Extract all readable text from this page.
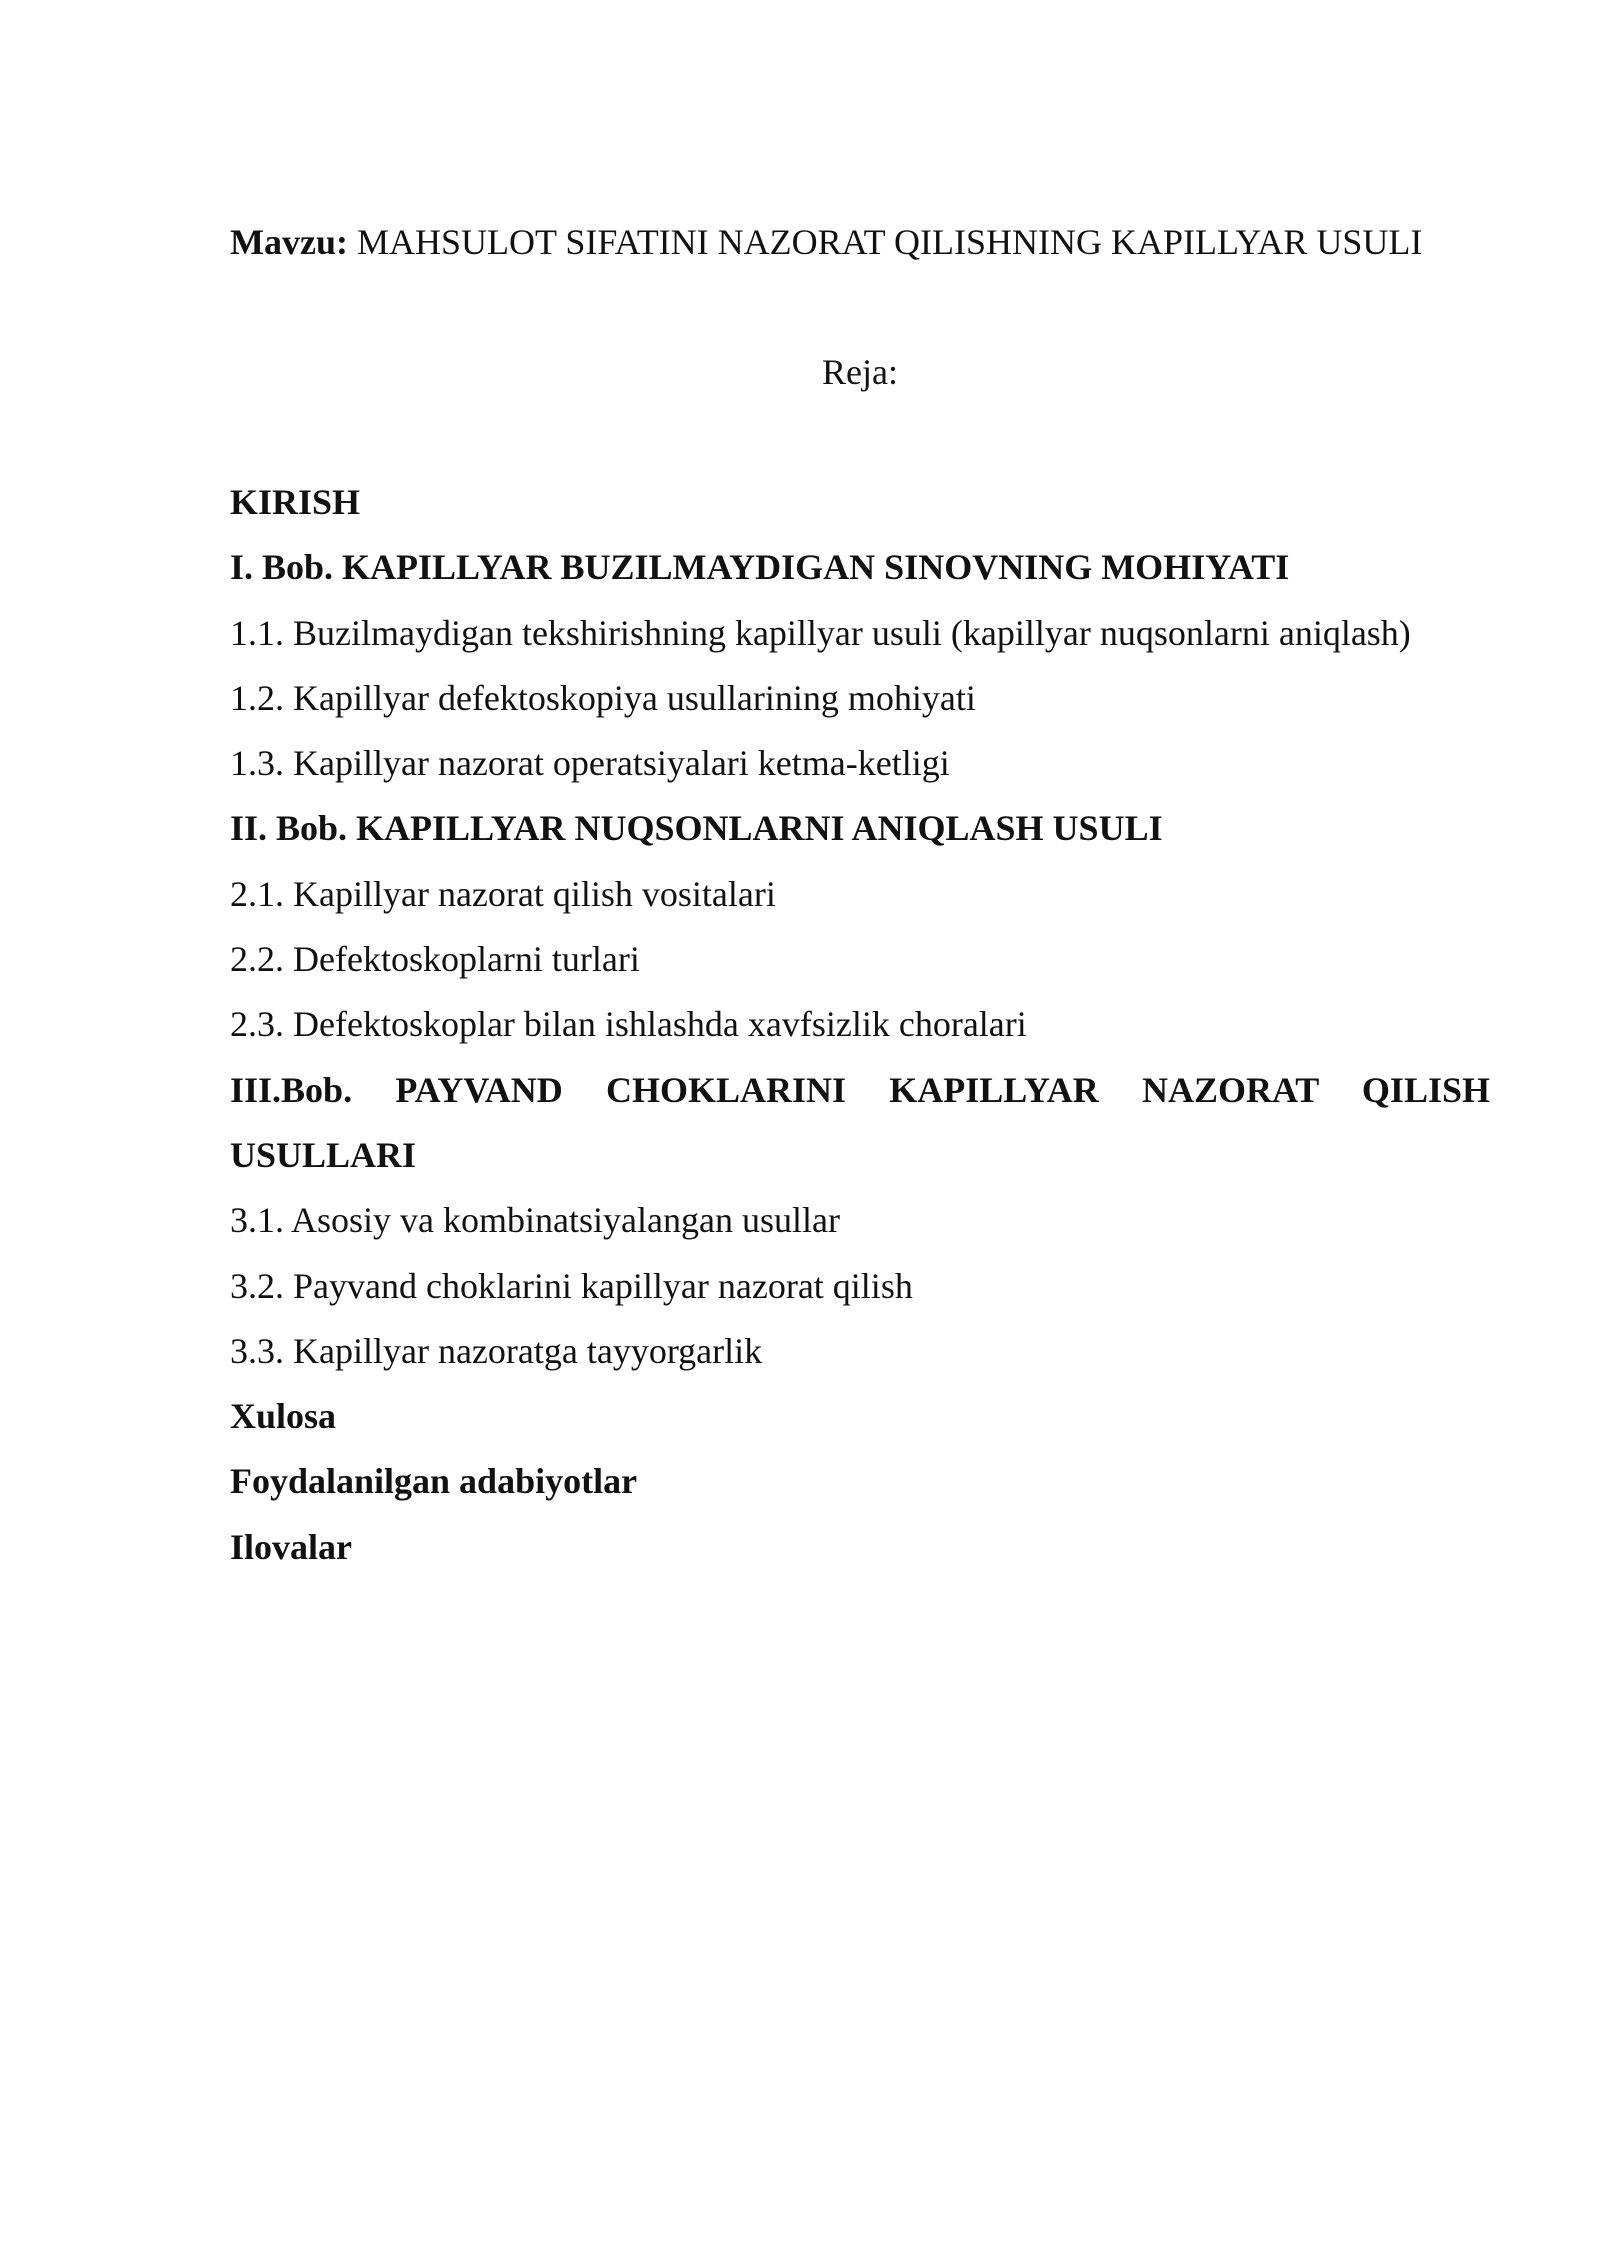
Mavzu: MAHSULOT SIFATINI NAZORAT QILISHNING KAPILLYAR USULI
Reja:
KIRISH
I. Bob. KAPILLYAR BUZILMAYDIGAN SINOVNING MOHIYATI
1.1. Buzilmaydigan tekshirishning kapillyar usuli (kapillyar nuqsonlarni aniqlash)
1.2. Kapillyar defektoskopiya usullarining mohiyati
1.3. Kapillyar nazorat operatsiyalari ketma-ketligi
II. Bob. KAPILLYAR NUQSONLARNI ANIQLASH USULI
2.1. Kapillyar nazorat qilish vositalari
2.2. Defektoskoplarni turlari
2.3. Defektoskoplar bilan ishlashda xavfsizlik choralari
III.Bob. PAYVAND CHOKLARINI KAPILLYAR NAZORAT QILISH
USULLARI
3.1. Asosiy va kombinatsiyalangan usullar
3.2. Payvand choklarini kapillyar nazorat qilish
3.3. Kapillyar nazoratga tayyorgarlik
Xulosa
Foydalanilgan adabiyotlar
Ilovalar
